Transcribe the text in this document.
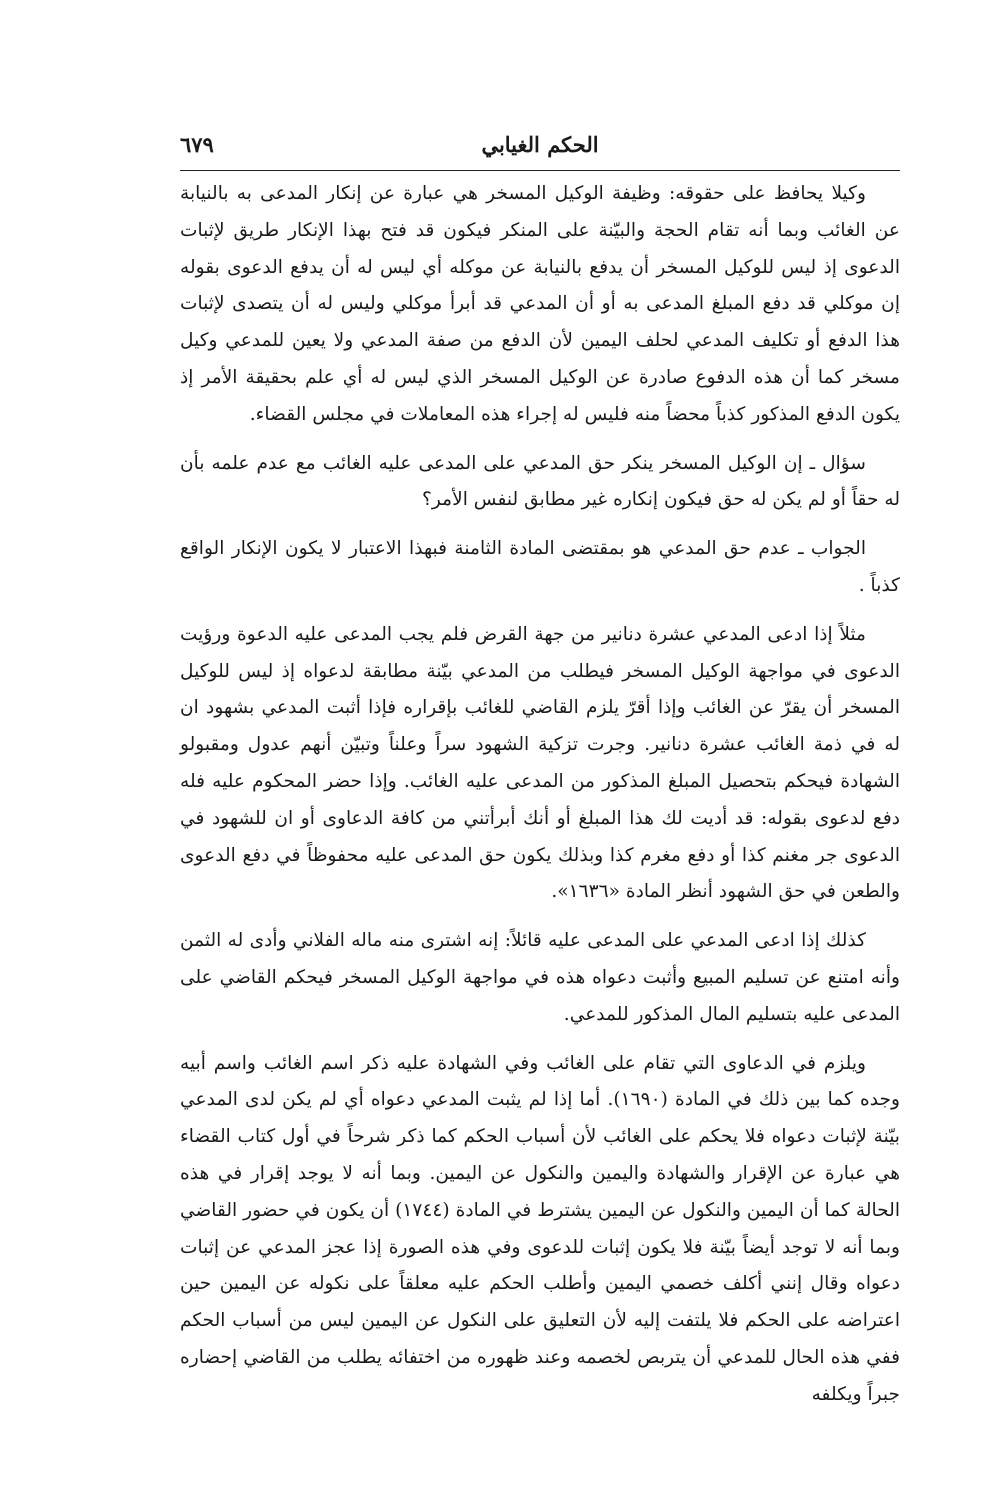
الحكم الغيابي
٦٧٩

وكيلا يحافظ على حقوقه: وظيفة الوكيل المسخر هي عبارة عن إنكار المدعى به بالنيابة عن الغائب وبما أنه تقام الحجة والبيّنة على المنكر فيكون قد فتح بهذا الإنكار طريق لإثبات الدعوى إذ ليس للوكيل المسخر أن يدفع بالنيابة عن موكله أي ليس له أن يدفع الدعوى بقوله إن موكلي قد دفع المبلغ المدعى به أو أن المدعي قد أبرأ موكلي وليس له أن يتصدى لإثبات هذا الدفع أو تكليف المدعي لحلف اليمين لأن الدفع من صفة المدعي ولا يعين للمدعي وكيل مسخر كما أن هذه الدفوع صادرة عن الوكيل المسخر الذي ليس له أي علم بحقيقة الأمر إذ يكون الدفع المذكور كذباً محضاً منه فليس له إجراء هذه المعاملات في مجلس القضاء.

سؤال ـ إن الوكيل المسخر ينكر حق المدعي على المدعى عليه الغائب مع عدم علمه بأن له حقاً أو لم يكن له حق فيكون إنكاره غير مطابق لنفس الأمر؟

الجواب ـ عدم حق المدعي هو بمقتضى المادة الثامنة فبهذا الاعتبار لا يكون الإنكار الواقع كذباً .

مثلاً إذا ادعى المدعي عشرة دنانير من جهة القرض فلم يجب المدعى عليه الدعوة ورؤيت الدعوى في مواجهة الوكيل المسخر فيطلب من المدعي بيّنة مطابقة لدعواه إذ ليس للوكيل المسخر أن يقرّ عن الغائب وإذا أقرّ يلزم القاضي للغائب بإقراره فإذا أثبت المدعي بشهود ان له في ذمة الغائب عشرة دنانير. وجرت تزكية الشهود سراً وعلناً وتبيّن أنهم عدول ومقبولو الشهادة فيحكم بتحصيل المبلغ المذكور من المدعى عليه الغائب. وإذا حضر المحكوم عليه فله دفع لدعوى بقوله: قد أديت لك هذا المبلغ أو أنك أبرأتني من كافة الدعاوى أو ان للشهود في الدعوى جر مغنم كذا أو دفع مغرم كذا وبذلك يكون حق المدعى عليه محفوظاً في دفع الدعوى والطعن في حق الشهود أنظر المادة «١٦٣٦».

كذلك إذا ادعى المدعي على المدعى عليه قائلاً: إنه اشترى منه ماله الفلاني وأدى له الثمن وأنه امتنع عن تسليم المبيع وأثبت دعواه هذه في مواجهة الوكيل المسخر فيحكم القاضي على المدعى عليه بتسليم المال المذكور للمدعي.

ويلزم في الدعاوى التي تقام على الغائب وفي الشهادة عليه ذكر اسم الغائب واسم أبيه وجده كما بين ذلك في المادة (١٦٩٠). أما إذا لم يثبت المدعي دعواه أي لم يكن لدى المدعي بيّنة لإثبات دعواه فلا يحكم على الغائب لأن أسباب الحكم كما ذكر شرحاً في أول كتاب القضاء هي عبارة عن الإقرار والشهادة واليمين والنكول عن اليمين. وبما أنه لا يوجد إقرار في هذه الحالة كما أن اليمين والنكول عن اليمين يشترط في المادة (١٧٤٤) أن يكون في حضور القاضي وبما أنه لا توجد أيضاً بيّنة فلا يكون إثبات للدعوى وفي هذه الصورة إذا عجز المدعي عن إثبات دعواه وقال إنني أكلف خصمي اليمين وأطلب الحكم عليه معلقاً على نكوله عن اليمين حين اعتراضه على الحكم فلا يلتفت إليه لأن التعليق على النكول عن اليمين ليس من أسباب الحكم ففي هذه الحال للمدعي أن يتربص لخصمه وعند ظهوره من اختفائه يطلب من القاضي إحضاره جبراً ويكلفه
